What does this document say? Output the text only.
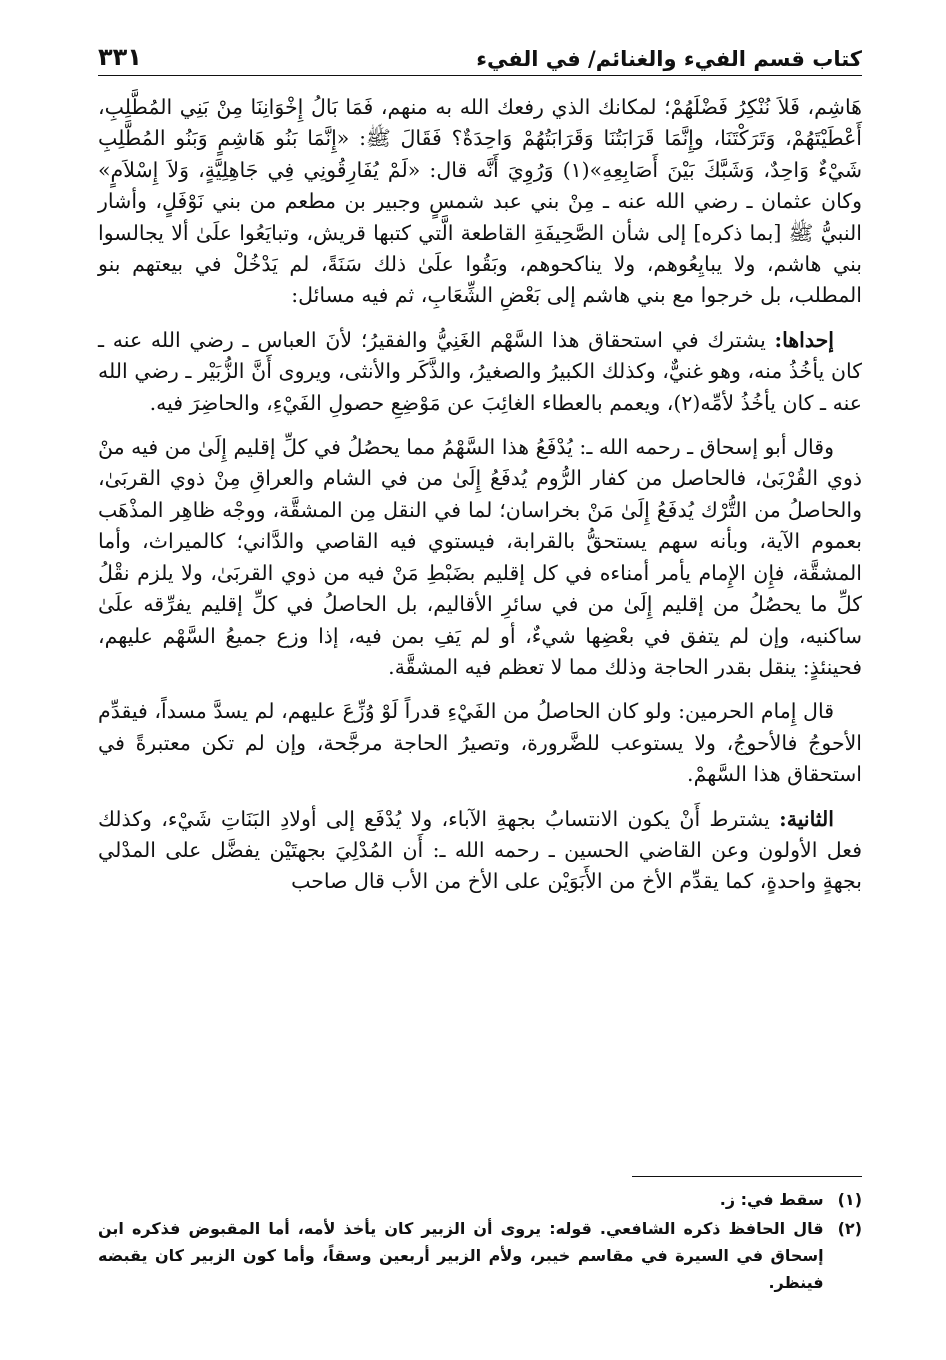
كتاب قسم الفيء والغنائم/ في الفيء
٣٣١

هَاشِم، فَلاَ نُنْكِرُ فَضْلَهُمْ؛ لمكانك الذي رفعك الله به منهم، فَمَا بَالُ إِخْوَانِنَا مِنْ بَنِي المُطَّلِبِ، أَعْطَيْتَهُمْ، وَتَرَكْتَنَا، وإِنَّمَا قَرَابَتُنَا وَقَرَابَتُهُمْ وَاحِدَةٌ؟ فَقَالَ ﷺ: «إِنَّمَا بَنُو هَاشِمٍ وَبَنُو المُطَّلِبِ شَيْءٌ وَاحِدٌ، وَشَبَّكَ بَيْنَ أَصَابِعِهِ»(١) وَرُوِيَ أَنَّه قال: «لَمْ يُفَارِقُونِي فِي جَاهِلِيَّةٍ، وَلاَ إِسْلاَمٍ» وكان عثمان ـ رضي الله عنه ـ مِنْ بني عبد شمسٍ وجبير بن مطعم من بني نَوْفَلٍ، وأشار النبيُّ ﷺ [بما ذكره] إلى شأن الصَّحِيفَةِ القاطعة الَّتي كتبها قريش، وتبايَعُوا علَىٰ ألا يجالسوا بني هاشم، ولا يبايِعُوهم، ولا يناكحوهم، وبَقُوا علَىٰ ذلك سَنَةً، لم يَدْخُلْ في بيعتهم بنو المطلب، بل خرجوا مع بني هاشم إلى بَعْضِ الشِّعَابِ، ثم فيه مسائل:

إحداها: يشترك في استحقاق هذا السَّهْم الغَنِيُّ والفقيرُ؛ لأنَ العباس ـ رضي الله عنه ـ كان يأخُذُ منه، وهو غنيٌّ، وكذلك الكبيرُ والصغيرُ، والذَّكَر والأنثى، ويروى أَنَّ الزُّبَيْر ـ رضي الله عنه ـ كان يأخُذُ لأمِّه(٢)، ويعمم بالعطاء الغائِبَ عن مَوْضِعِ حصولِ الفَيْءِ، والحاضِرَ فيه.

وقال أبو إسحاق ـ رحمه الله ـ: يُدْفَعُ هذا السَّهْمُ مما يحصُلُ في كلِّ إقليم إِلَىٰ من فيه منْ ذوي القُرْبَىٰ، فالحاصل من كفار الرُّوم يُدفَعُ إِلَىٰ من في الشام والعراقِ مِنْ ذوي القربَىٰ، والحاصلُ من التُّرْك يُدفَعُ إِلَىٰ مَنْ بخراسان؛ لما في النقل مِن المشقَّة، ووجْه ظاهِر المذْهَب بعموم الآية، وبأنه سهم يستحقُّ بالقرابة، فيستوي فيه القاصي والدَّاني؛ كالميراث، وأما المشقَّة، فإِن الإِمام يأمر أمناءه في كل إقليم بضَبْطِ مَنْ فيه من ذوي القربَىٰ، ولا يلزم نقْلُ كلِّ ما يحصُلُ من إقليم إِلَىٰ من في سائرِ الأقاليم، بل الحاصلُ في كلِّ إقليم يفرِّقه علَىٰ ساكنيه، وإن لم يتفق في بعْضِها شيءٌ، أو لم يَفِ بمن فيه، إذا وزع جميعُ السَّهْم عليهم، فحينئذٍ: ينقل بقدر الحاجة وذلك مما لا تعظم فيه المشقَّة.

قال إِمام الحرمين: ولو كان الحاصلُ من الفَيْءِ قدراً لَوْ وُزِّعَ عليهم، لم يسدَّ مسداً، فيقدِّم الأحوجُ فالأحوجُ، ولا يستوعب للضَّرورة، وتصيرُ الحاجة مرجَّحة، وإن لم تكن معتبرةً في استحقاق هذا السَّهمْ.

الثانية: يشترط أَنْ يكون الانتسابُ بجهةِ الآباء، ولا يُدْفَع إلى أولادِ البَنَاتِ شَيْء، وكذلك فعل الأولون وعن القاضي الحسين ـ رحمه الله ـ: أَن المُدْلِيَ بجهتَيْن يفضَّل على المدْلي بجهةٍ واحدةٍ، كما يقدِّم الأخ من الأَبَوَيْن على الأخ من الأب قال صاحب

(١)
سقط في: ز.
(٢)
قال الحافظ ذكره الشافعي. قوله: يروى أن الزبير كان يأخذ لأمه، أما المقبوض فذكره ابن إسحاق في السيرة في مقاسم خيبر، ولأم الزبير أربعين وسقاً، وأما كون الزبير كان يقبضه فينظر.
